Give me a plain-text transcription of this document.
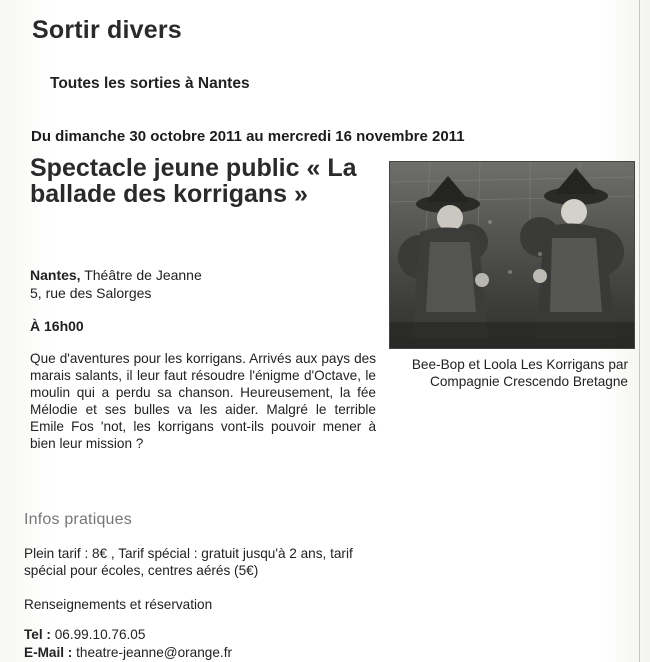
Sortir divers
Toutes les sorties à Nantes
Du dimanche 30 octobre 2011 au mercredi 16 novembre 2011
Spectacle jeune public « La ballade des korrigans »
Nantes, Théâtre de Jeanne
5, rue des Salorges
À 16h00
Que d'aventures pour les korrigans. Arrivés aux pays des marais salants, il leur faut résoudre l'énigme d'Octave, le moulin qui a perdu sa chanson. Heureusement, la fée Mélodie et ses bulles va les aider. Malgré le terrible Emile Fos 'not, les korrigans vont-ils pouvoir mener à bien leur mission ?
Bee-Bop et Loola Les Korrigans par Compagnie Crescendo Bretagne
Infos pratiques
Plein tarif : 8€ , Tarif spécial : gratuit jusqu'à 2 ans, tarif spécial pour écoles, centres aérés (5€)
Renseignements et réservation
Tel : 06.99.10.76.05
E-Mail : theatre-jeanne@orange.fr
